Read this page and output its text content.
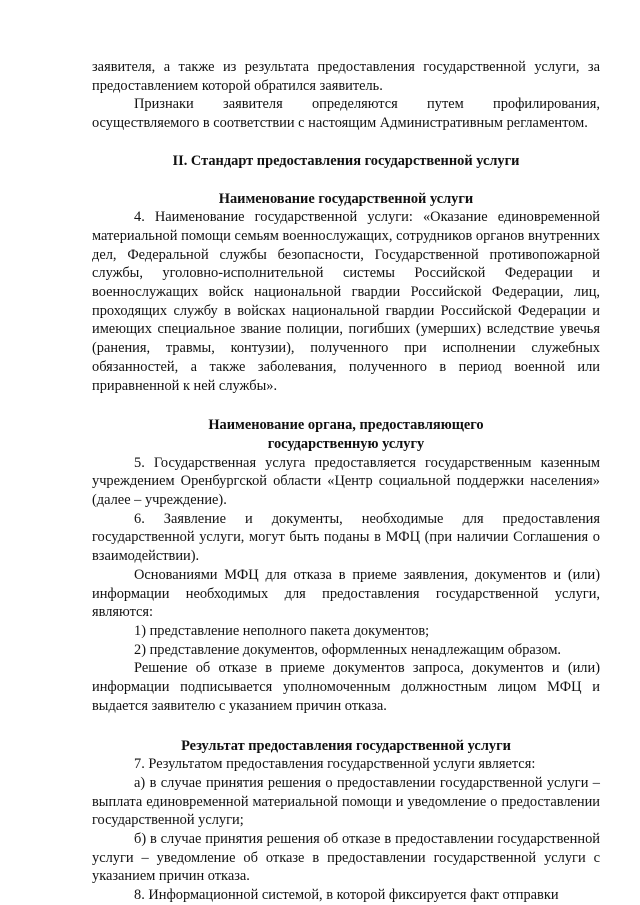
заявителя, а также из результата предоставления государственной услуги, за предоставлением которой обратился заявитель.

Признаки заявителя определяются путем профилирования, осуществляемого в соответствии с настоящим Административным регламентом.

II. Стандарт предоставления государственной услуги
Наименование государственной услуги

4. Наименование государственной услуги: «Оказание единовременной материальной помощи семьям военнослужащих, сотрудников органов внутренних дел, Федеральной службы безопасности, Государственной противопожарной службы, уголовно-исполнительной системы Российской Федерации и военнослужащих войск национальной гвардии Российской Федерации, лиц, проходящих службу в войсках национальной гвардии Российской Федерации и имеющих специальное звание полиции, погибших (умерших) вследствие увечья (ранения, травмы, контузии), полученного при исполнении служебных обязанностей, а также заболевания, полученного в период военной или приравненной к ней службы».

Наименование органа, предоставляющего
государственную услугу

5. Государственная услуга предоставляется государственным казенным учреждением Оренбургской области «Центр социальной поддержки населения» (далее – учреждение).

6. Заявление и документы, необходимые для предоставления государственной услуги, могут быть поданы в МФЦ (при наличии Соглашения о взаимодействии).

Основаниями МФЦ для отказа в приеме заявления, документов и (или) информации необходимых для предоставления государственной услуги, являются:

1) представление неполного пакета документов;

2) представление документов, оформленных ненадлежащим образом.

Решение об отказе в приеме документов запроса, документов и (или) информации подписывается уполномоченным должностным лицом МФЦ и выдается заявителю с указанием причин отказа.

Результат предоставления государственной услуги

7. Результатом предоставления государственной услуги является:

а) в случае принятия решения о предоставлении государственной услуги – выплата единовременной материальной помощи и уведомление о предоставлении государственной услуги;

б) в случае принятия решения об отказе в предоставлении государственной услуги – уведомление об отказе в предоставлении государственной услуги с указанием причин отказа.

8. Информационной системой, в которой фиксируется факт отправки
